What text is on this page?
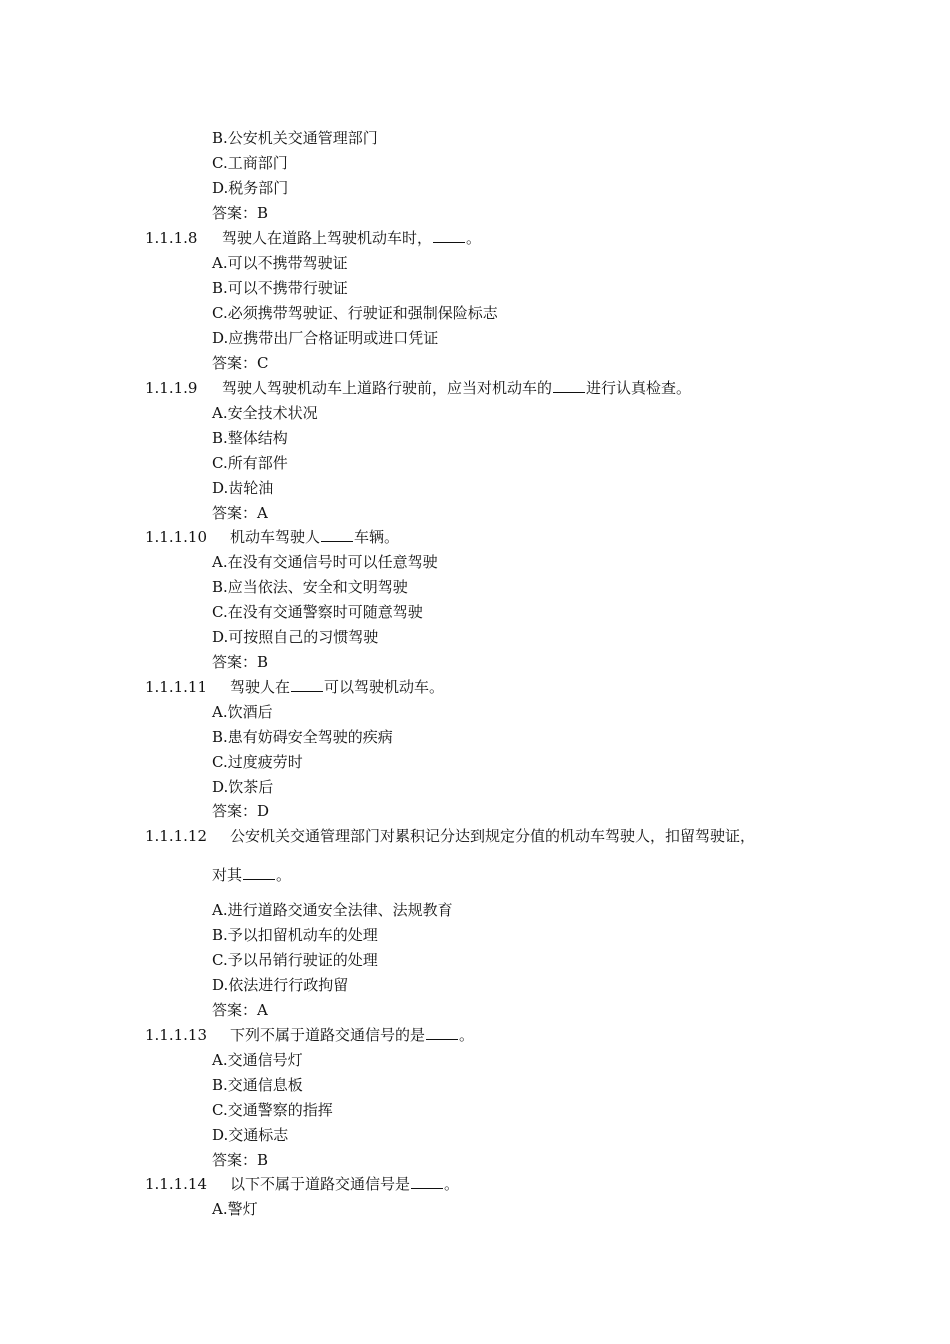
B.公安机关交通管理部门
C.工商部门
D.税务部门
答案：B
1.1.1.8 驾驶人在道路上驾驶机动车时， 。
A.可以不携带驾驶证
B.可以不携带行驶证
C.必须携带驾驶证、行驶证和强制保险标志
D.应携带出厂合格证明或进口凭证
答案：C
1.1.1.9 驾驶人驾驶机动车上道路行驶前，应当对机动车的 进行认真检查。
A.安全技术状况
B.整体结构
C.所有部件
D.齿轮油
答案：A
1.1.1.10 机动车驾驶人 车辆。
A.在没有交通信号时可以任意驾驶
B.应当依法、安全和文明驾驶
C.在没有交通警察时可随意驾驶
D.可按照自己的习惯驾驶
答案：B
1.1.1.11 驾驶人在 可以驾驶机动车。
A.饮酒后
B.患有妨碍安全驾驶的疾病
C.过度疲劳时
D.饮茶后
答案：D
1.1.1.12 公安机关交通管理部门对累积记分达到规定分值的机动车驾驶人，扣留驾驶证，
对其 。
A.进行道路交通安全法律、法规教育
B.予以扣留机动车的处理
C.予以吊销行驶证的处理
D.依法进行行政拘留
答案：A
1.1.1.13 下列不属于道路交通信号的是 。
A.交通信号灯
B.交通信息板
C.交通警察的指挥
D.交通标志
答案：B
1.1.1.14 以下不属于道路交通信号是 。
A.警灯
